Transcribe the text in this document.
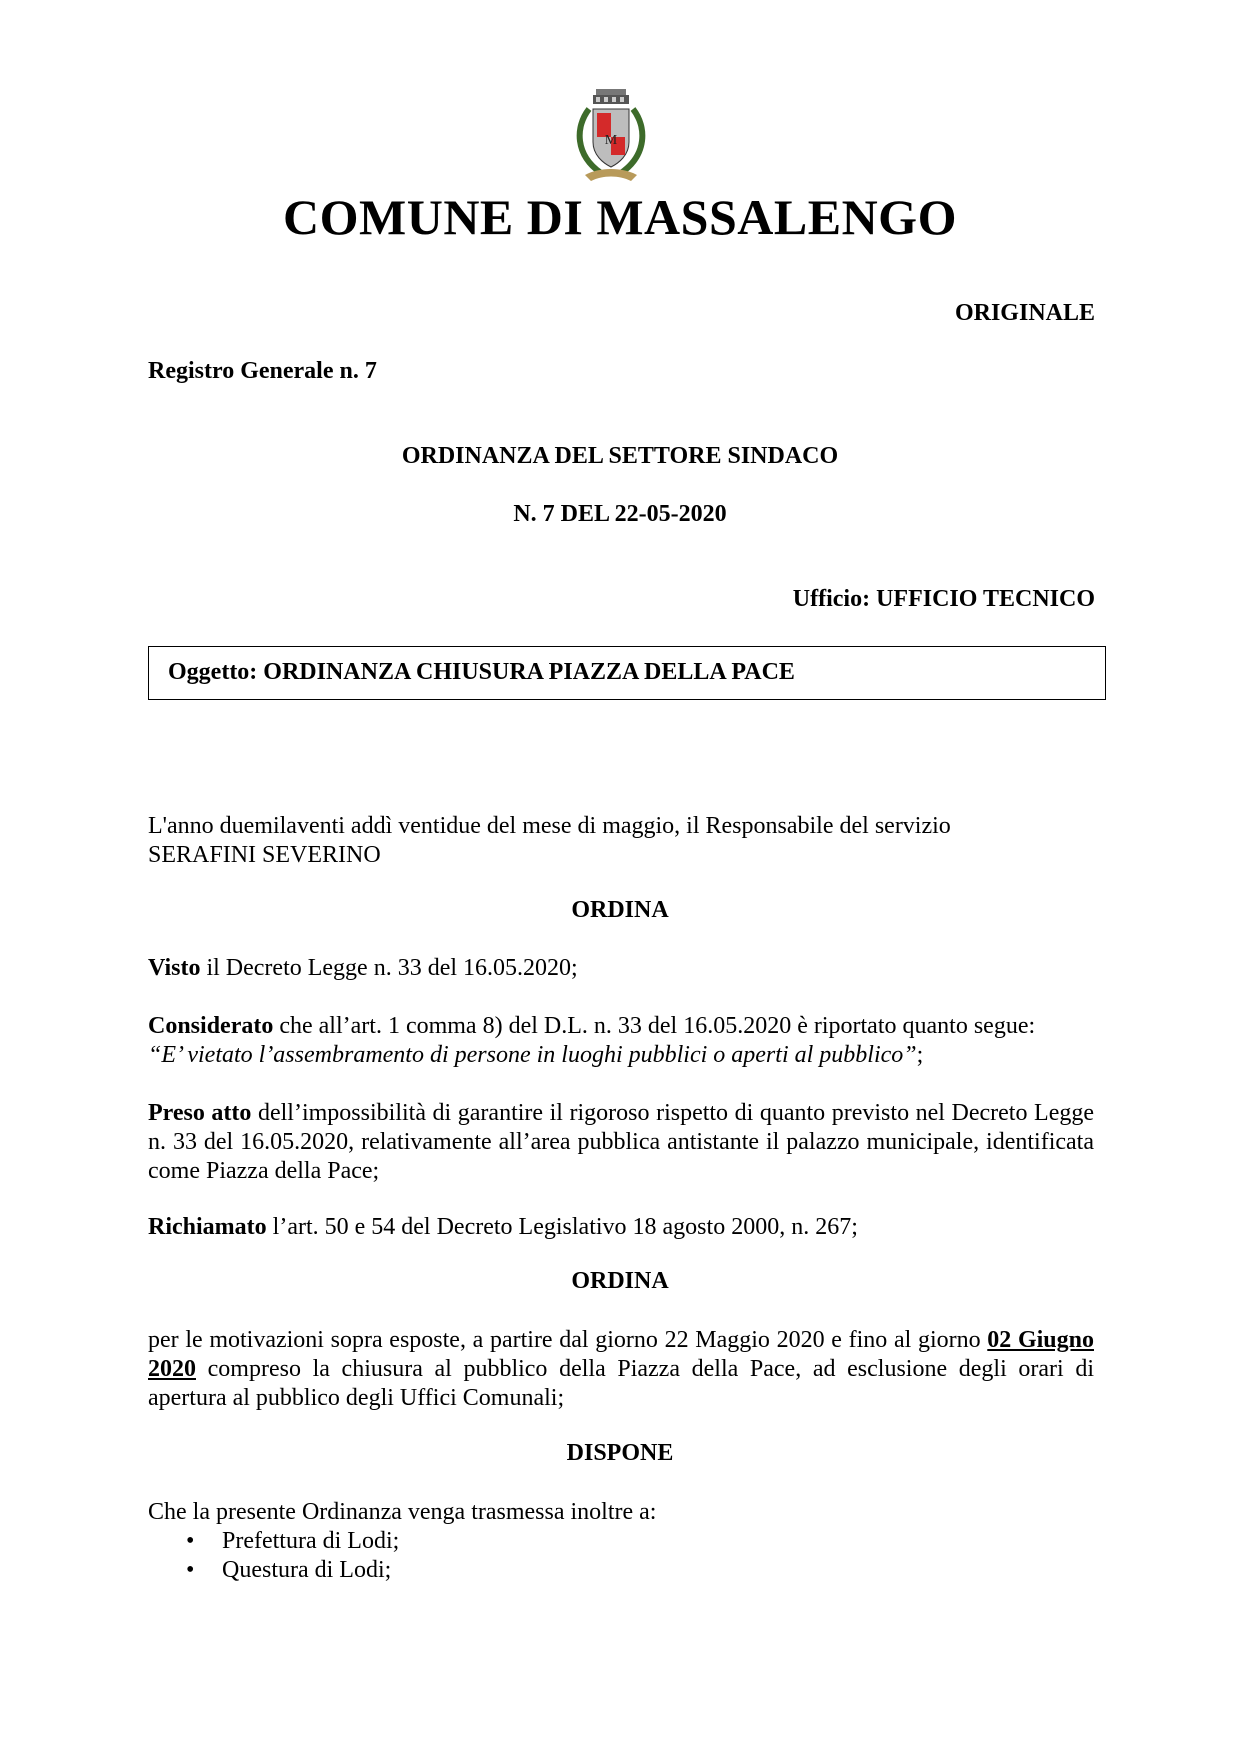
M
COMUNE DI MASSALENGO
ORIGINALE
Registro Generale n. 7
ORDINANZA DEL SETTORE SINDACO
N. 7 DEL 22-05-2020
Ufficio: UFFICIO TECNICO
Oggetto: ORDINANZA CHIUSURA PIAZZA DELLA PACE

L'anno duemilaventi addì ventidue del mese di maggio, il Responsabile del servizio

SERAFINI SEVERINO

ORDINA

Visto il Decreto Legge n. 33 del 16.05.2020;

Considerato che all’art. 1 comma 8) del D.L. n. 33 del 16.05.2020 è riportato quanto segue:

“E’ vietato l’assembramento di persone in luoghi pubblici o aperti al pubblico”;

Preso atto dell’impossibilità di garantire il rigoroso rispetto di quanto previsto nel Decreto Legge n. 33 del 16.05.2020, relativamente all’area pubblica antistante il palazzo municipale, identificata come Piazza della Pace;

Richiamato l’art. 50 e 54 del Decreto Legislativo 18 agosto 2000, n. 267;

ORDINA

per le motivazioni sopra esposte, a partire dal giorno 22 Maggio 2020 e fino al giorno 02 Giugno 2020 compreso la chiusura al pubblico della Piazza della Pace, ad esclusione degli orari di apertura al pubblico degli Uffici Comunali;

DISPONE
Che la presente Ordinanza venga trasmessa inoltre a:
• Prefettura di Lodi;
• Questura di Lodi;
